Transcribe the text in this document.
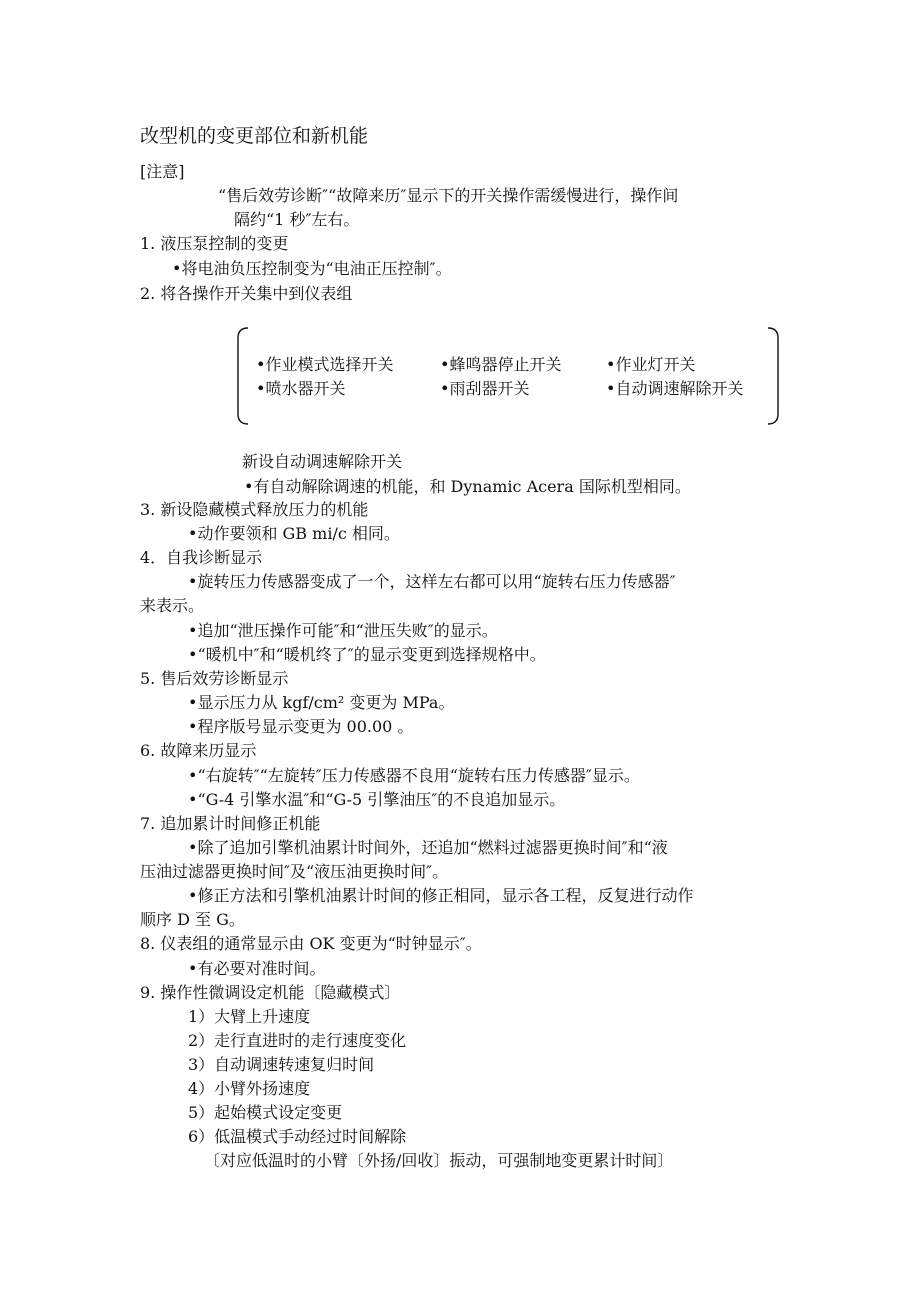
改型机的变更部位和新机能
[注意]
“售后效劳诊断″“故障来历″显示下的开关操作需缓慢进行，操作间
隔约“1 秒″左右。
1. 液压泵控制的变更
•将电油负压控制变为“电油正压控制″。
2. 将各操作开关集中到仪表组
•作业模式选择开关	•蜂鸣器停止开关	•作业灯开关
•喷水器开关	•雨刮器开关	•自动调速解除开关
新设自动调速解除开关
•有自动解除调速的机能，和 Dynamic Acera 国际机型相同。
3. 新设隐藏模式释放压力的机能
•动作要领和 GB mi/c 相同。
4．自我诊断显示
•旋转压力传感器变成了一个，这样左右都可以用“旋转右压力传感器″
来表示。
•追加“泄压操作可能″和“泄压失败″的显示。
•“暖机中″和“暖机终了″的显示变更到选择规格中。
5. 售后效劳诊断显示
•显示压力从 kgf/cm² 变更为 MPa。
•程序版号显示变更为 00.00 。
6. 故障来历显示
•“右旋转″“左旋转″压力传感器不良用“旋转右压力传感器″显示。
•“G-4 引擎水温″和“G-5 引擎油压″的不良追加显示。
7. 追加累计时间修正机能
•除了追加引擎机油累计时间外，还追加“燃料过滤器更换时间″和“液
压油过滤器更换时间″及“液压油更换时间″。
•修正方法和引擎机油累计时间的修正相同，显示各工程，反复进行动作
顺序 D 至 G。
8. 仪表组的通常显示由 OK 变更为“时钟显示″。
•有必要对准时间。
9. 操作性微调设定机能〔隐藏模式〕
1）大臂上升速度
2）走行直进时的走行速度变化
3）自动调速转速复归时间
4）小臂外扬速度
5）起始模式设定变更
6）低温模式手动经过时间解除
〔对应低温时的小臂〔外扬/回收〕振动，可强制地变更累计时间〕
